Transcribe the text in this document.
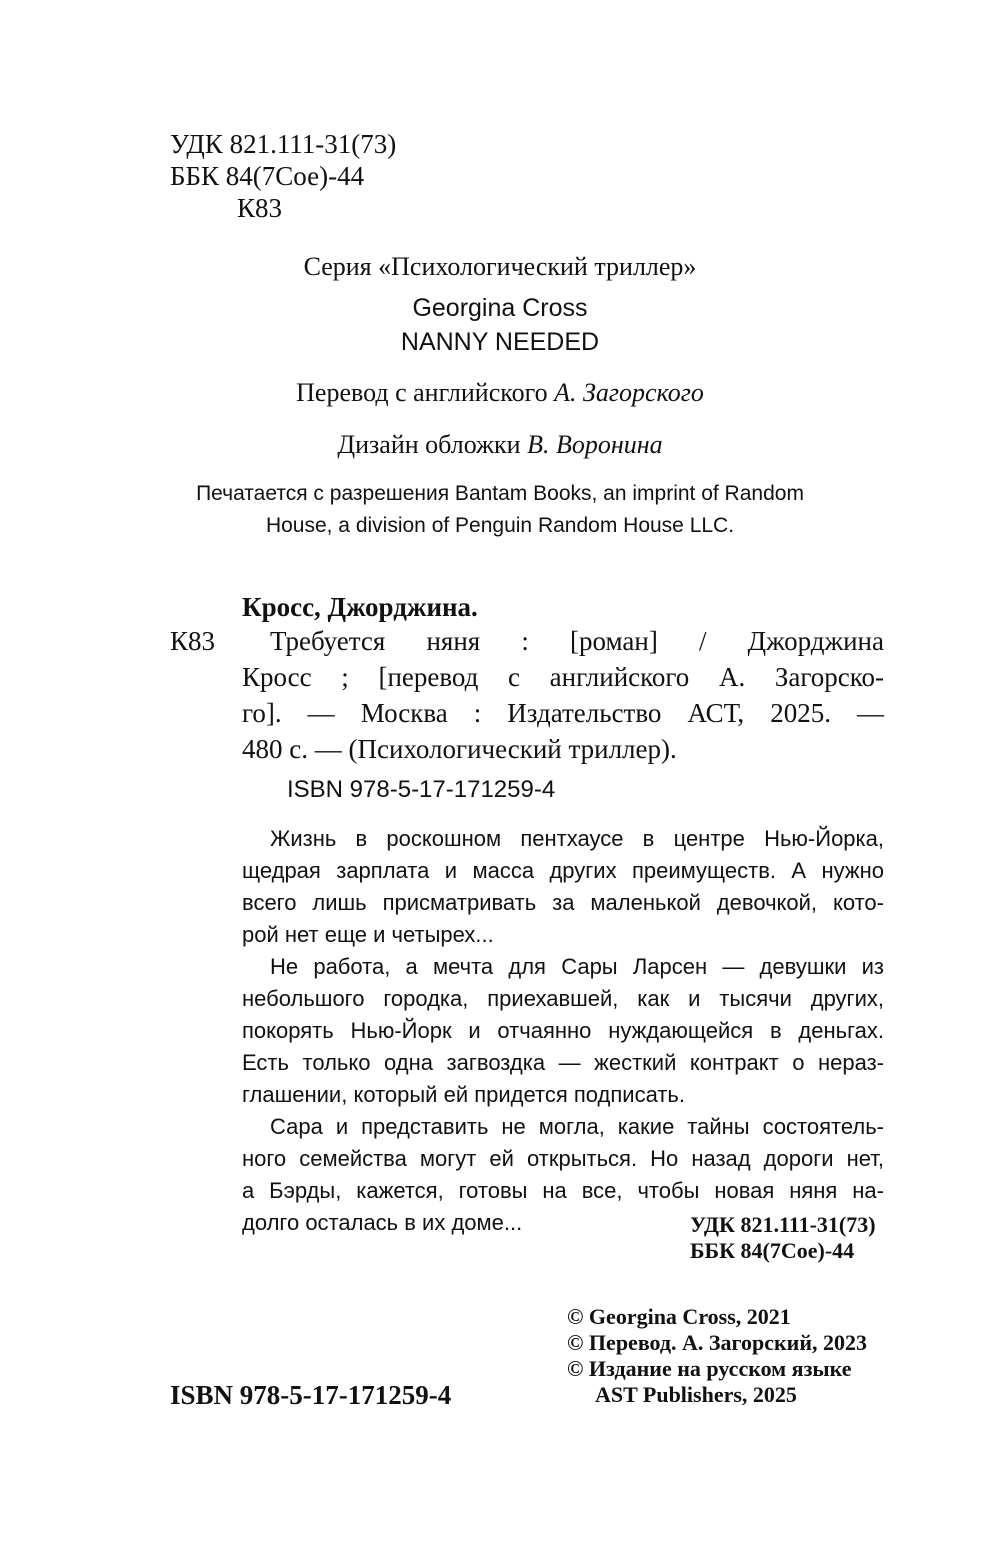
УДК 821.111-31(73)
ББК 84(7Сое)-44
К83
Серия «Психологический триллер»
Georgina Cross
NANNY NEEDED
Перевод с английского А. Загорского
Дизайн обложки В. Воронина
Печатается с разрешения Bantam Books, an imprint of Random
House, a division of Penguin Random House LLC.
Кросс, Джорджина.
К83 Требуется няня : [роман] / Джорджина
Кросс ; [перевод с английского А. Загорско-
го]. — Москва : Издательство АСТ, 2025. —
480 с. — (Психологический триллер).
ISBN 978-5-17-171259-4
Жизнь в роскошном пентхаусе в центре Нью-Йорка,
щедрая зарплата и масса других преимуществ. А нужно
всего лишь присматривать за маленькой девочкой, кото-
рой нет еще и четырех...
Не работа, а мечта для Сары Ларсен — девушки из
небольшого городка, приехавшей, как и тысячи других,
покорять Нью-Йорк и отчаянно нуждающейся в деньгах.
Есть только одна загвоздка — жесткий контракт о нераз-
глашении, который ей придется подписать.
Сара и представить не могла, какие тайны состоятель-
ного семейства могут ей открыться. Но назад дороги нет,
а Бэрды, кажется, готовы на все, чтобы новая няня на-
долго осталась в их доме...	УДК 821.111-31(73)
ББК 84(7Сое)-44
© Georgina Cross, 2021
© Перевод. А. Загорский, 2023
© Издание на русском языке
AST Publishers, 2025
ISBN 978-5-17-171259-4
